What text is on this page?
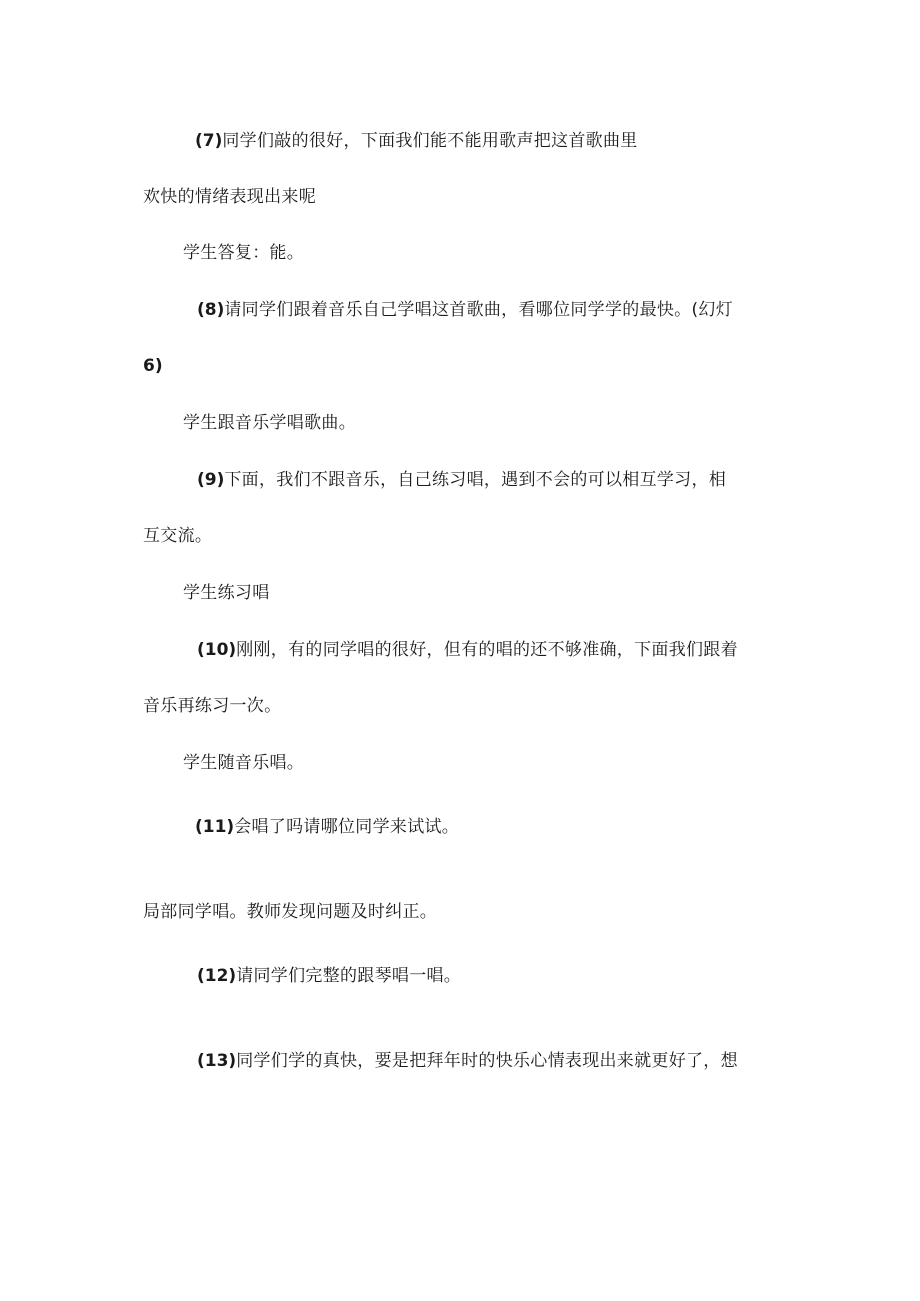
(7)同学们敲的很好，下面我们能不能用歌声把这首歌曲里
欢快的情绪表现出来呢
学生答复：能。
(8)请同学们跟着音乐自己学唱这首歌曲，看哪位同学学的最快。(幻灯
6)
学生跟音乐学唱歌曲。
(9)下面，我们不跟音乐，自己练习唱，遇到不会的可以相互学习，相
互交流。
学生练习唱
(10)刚刚，有的同学唱的很好，但有的唱的还不够准确，下面我们跟着
音乐再练习一次。
学生随音乐唱。
(11)会唱了吗请哪位同学来试试。
局部同学唱。教师发现问题及时纠正。
(12)请同学们完整的跟琴唱一唱。
(13)同学们学的真快，要是把拜年时的快乐心情表现出来就更好了，想
